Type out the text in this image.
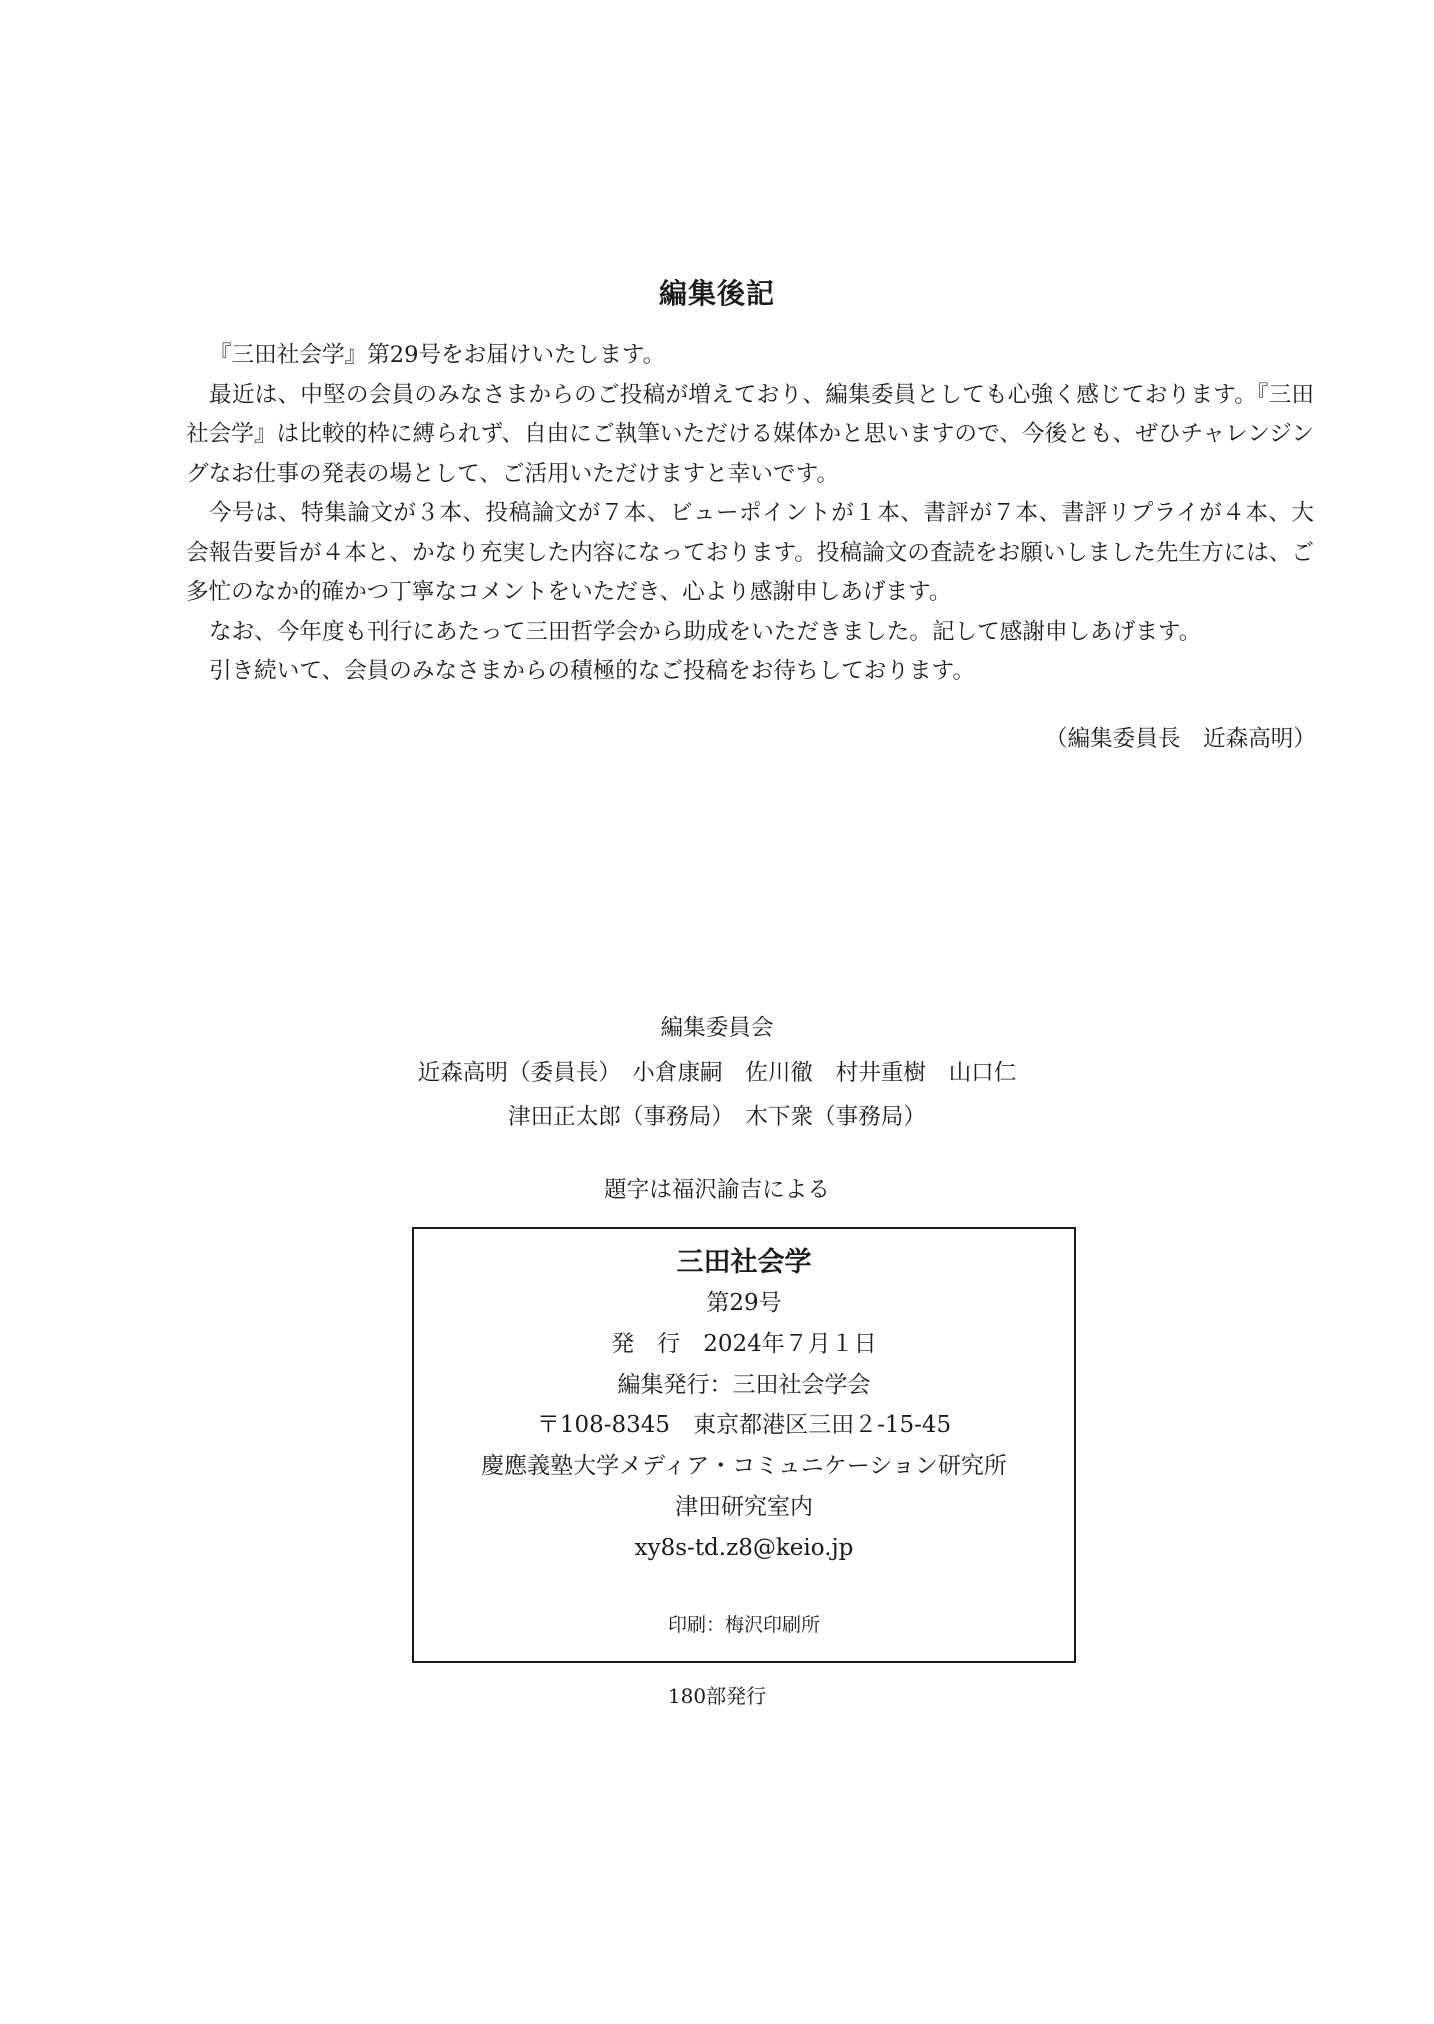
編集後記

『三田社会学』第29号をお届けいたします。

最近は、中堅の会員のみなさまからのご投稿が増えており、編集委員としても心強く感じております。『三田社会学』は比較的枠に縛られず、自由にご執筆いただける媒体かと思いますので、今後とも、ぜひチャレンジングなお仕事の発表の場として、ご活用いただけますと幸いです。

今号は、特集論文が３本、投稿論文が７本、ビューポイントが１本、書評が７本、書評リプライが４本、大会報告要旨が４本と、かなり充実した内容になっております。投稿論文の査読をお願いしました先生方には、ご多忙のなか的確かつ丁寧なコメントをいただき、心より感謝申しあげます。

なお、今年度も刊行にあたって三田哲学会から助成をいただきました。記して感謝申しあげます。

引き続いて、会員のみなさまからの積極的なご投稿をお待ちしております。

（編集委員長　近森高明）
編集委員会
近森高明（委員長）　小倉康嗣　佐川徹　村井重樹　山口仁
津田正太郎（事務局）　木下衆（事務局）
題字は福沢諭吉による
三田社会学
第29号
発　行　2024年７月１日
編集発行：三田社会学会
〒108-8345　東京都港区三田２-15-45
慶應義塾大学メディア・コミュニケーション研究所
津田研究室内
xy8s-td.z8@keio.jp
印刷：梅沢印刷所
180部発行
